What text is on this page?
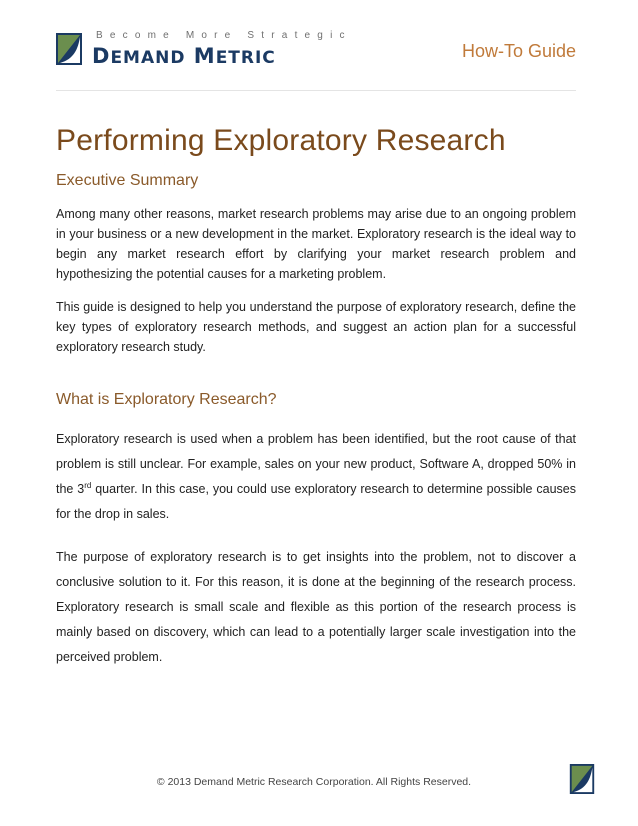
Become More Strategic
DEMAND METRIC	How-To Guide
Performing Exploratory Research
Executive Summary

Among many other reasons, market research problems may arise due to an ongoing problem in your business or a new development in the market. Exploratory research is the ideal way to begin any market research effort by clarifying your market research problem and hypothesizing the potential causes for a marketing problem.

This guide is designed to help you understand the purpose of exploratory research, define the key types of exploratory research methods, and suggest an action plan for a successful exploratory research study.

What is Exploratory Research?

Exploratory research is used when a problem has been identified, but the root cause of that problem is still unclear. For example, sales on your new product, Software A, dropped 50% in the 3rd quarter. In this case, you could use exploratory research to determine possible causes for the drop in sales.

The purpose of exploratory research is to get insights into the problem, not to discover a conclusive solution to it. For this reason, it is done at the beginning of the research process. Exploratory research is small scale and flexible as this portion of the research process is mainly based on discovery, which can lead to a potentially larger scale investigation into the perceived problem.

© 2013 Demand Metric Research Corporation. All Rights Reserved.
